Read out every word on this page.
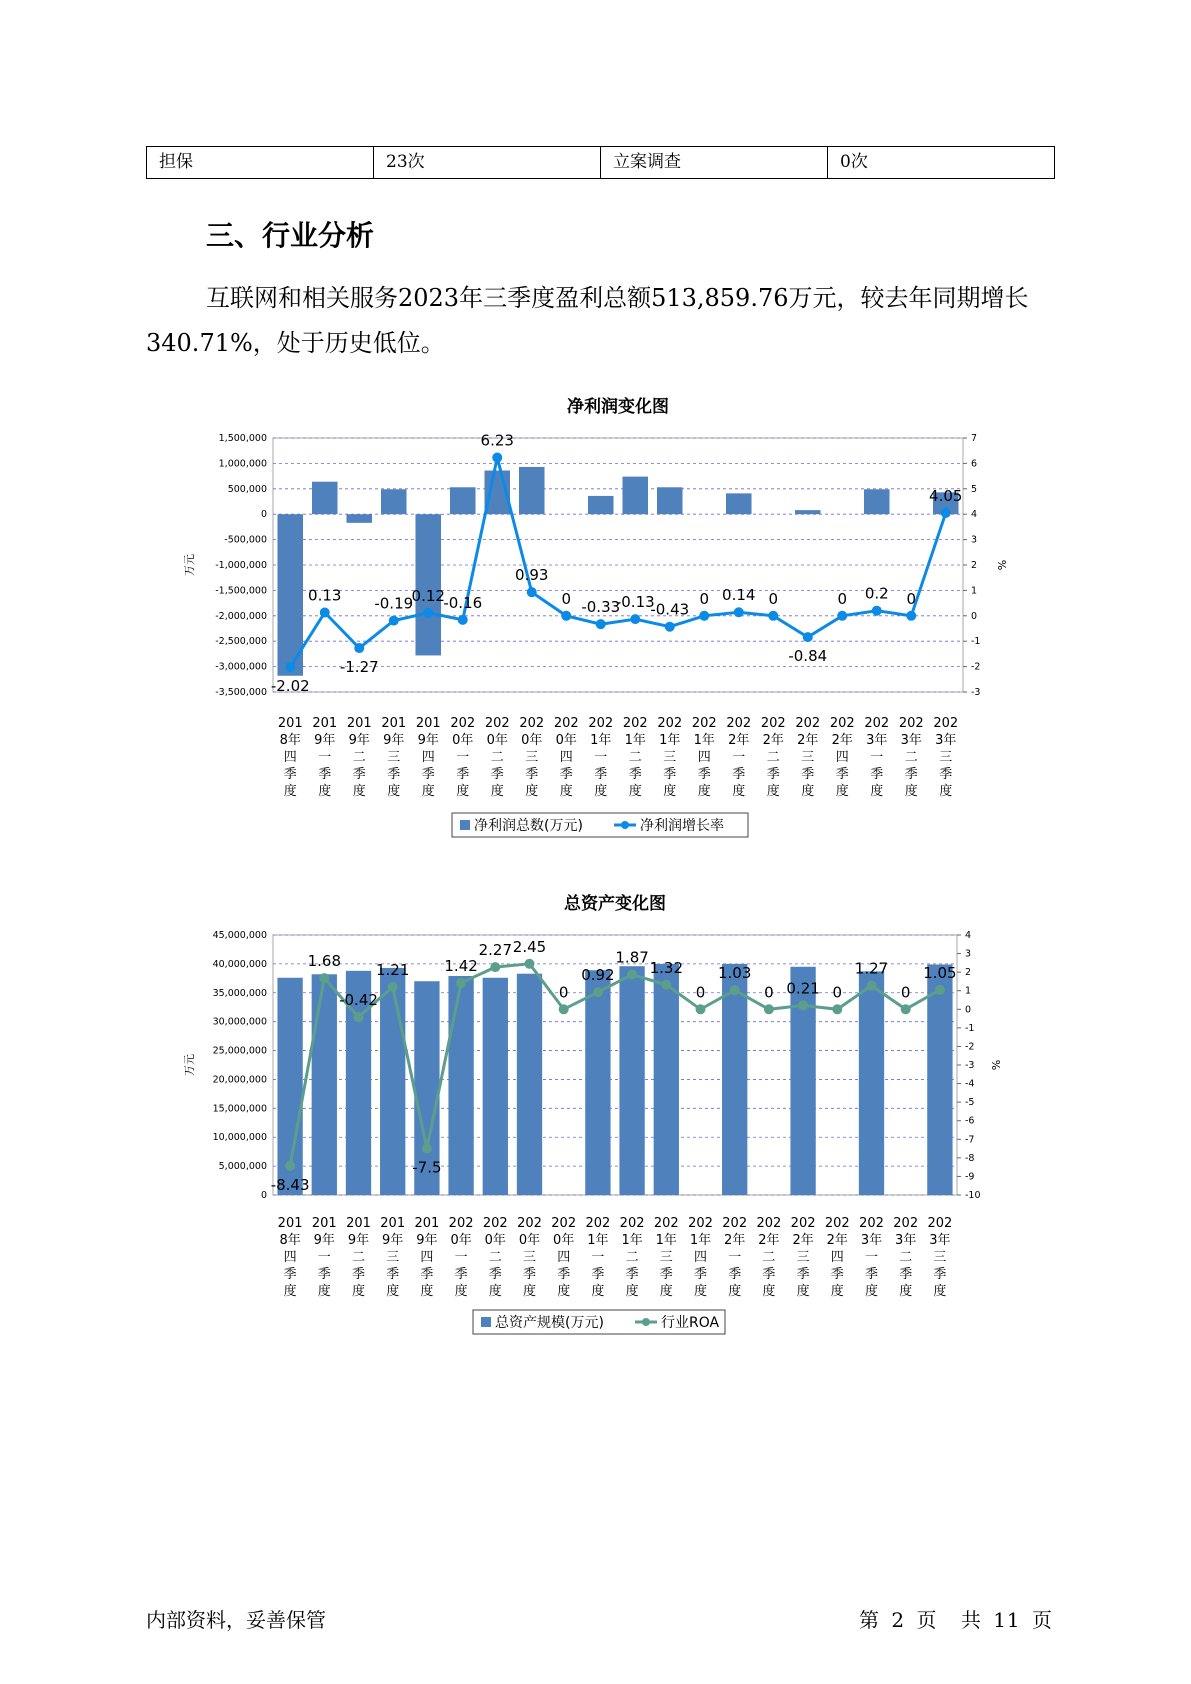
担保	23次	立案调查	0次
三、行业分析
互联网和相关服务2023年三季度盈利总额513,859.76万元，较去年同期增长340.71%，处于历史低位。
净利润变化图
1,500,000
1,000,000
500,000
0
-500,000
-1,000,000
-1,500,000
-2,000,000
-2,500,000
-3,000,000
-3,500,000
7
6
5
4
3
2
1
0
-1
-2
-3
万元	%
-2.02
0.13
-1.27
-0.19
0.12
-0.16
6.23
0.93
0 -0.33
-0.13
-0.43
0 0.14 0
-0.84
0 0.2 0
4.05
201
8年
四
季
度
201
9年
一
季
度
201
9年
二
季
度
201
9年
三
季
度
201
9年
四
季
度
202
0年
一
季
度
202
0年
二
季
度
202
0年
三
季
度
202
0年
四
季
度
202
1年
一
季
度
202
1年
二
季
度
202
1年
三
季
度
202
1年
四
季
度
202
2年
一
季
度
202
2年
二
季
度
202
2年
三
季
度
202
2年
四
季
度
202
3年
一
季
度
202
3年
二
季
度
202
3年
三
季
度
净利润总数(万元)	净利润增长率
总资产变化图
45,000,000
40,000,000
35,000,000
30,000,000
25,000,000
20,000,000
15,000,000
10,000,000
5,000,000
0
4
3
2
1
0
-1
-2
-3
-4
-5
-6
-7
-8
-9
-10
万元	%
-8.43
1.68
-0.42
1.21
-7.5
1.42
2.27 2.45
0
0.92
1.87
1.32
0
1.03
0 0.21 0
1.27
0
1.05
201
8年
四
季
度
201
9年
一
季
度
201
9年
二
季
度
201
9年
三
季
度
201
9年
四
季
度
202
0年
一
季
度
202
0年
二
季
度
202
0年
三
季
度
202
0年
四
季
度
202
1年
一
季
度
202
1年
二
季
度
202
1年
三
季
度
202
1年
四
季
度
202
2年
一
季
度
202
2年
二
季
度
202
2年
三
季
度
202
2年
四
季
度
202
3年
一
季
度
202
3年
二
季
度
202
3年
三
季
度
总资产规模(万元)	行业ROA
内部资料，妥善保管	第 2 页 共 11 页
